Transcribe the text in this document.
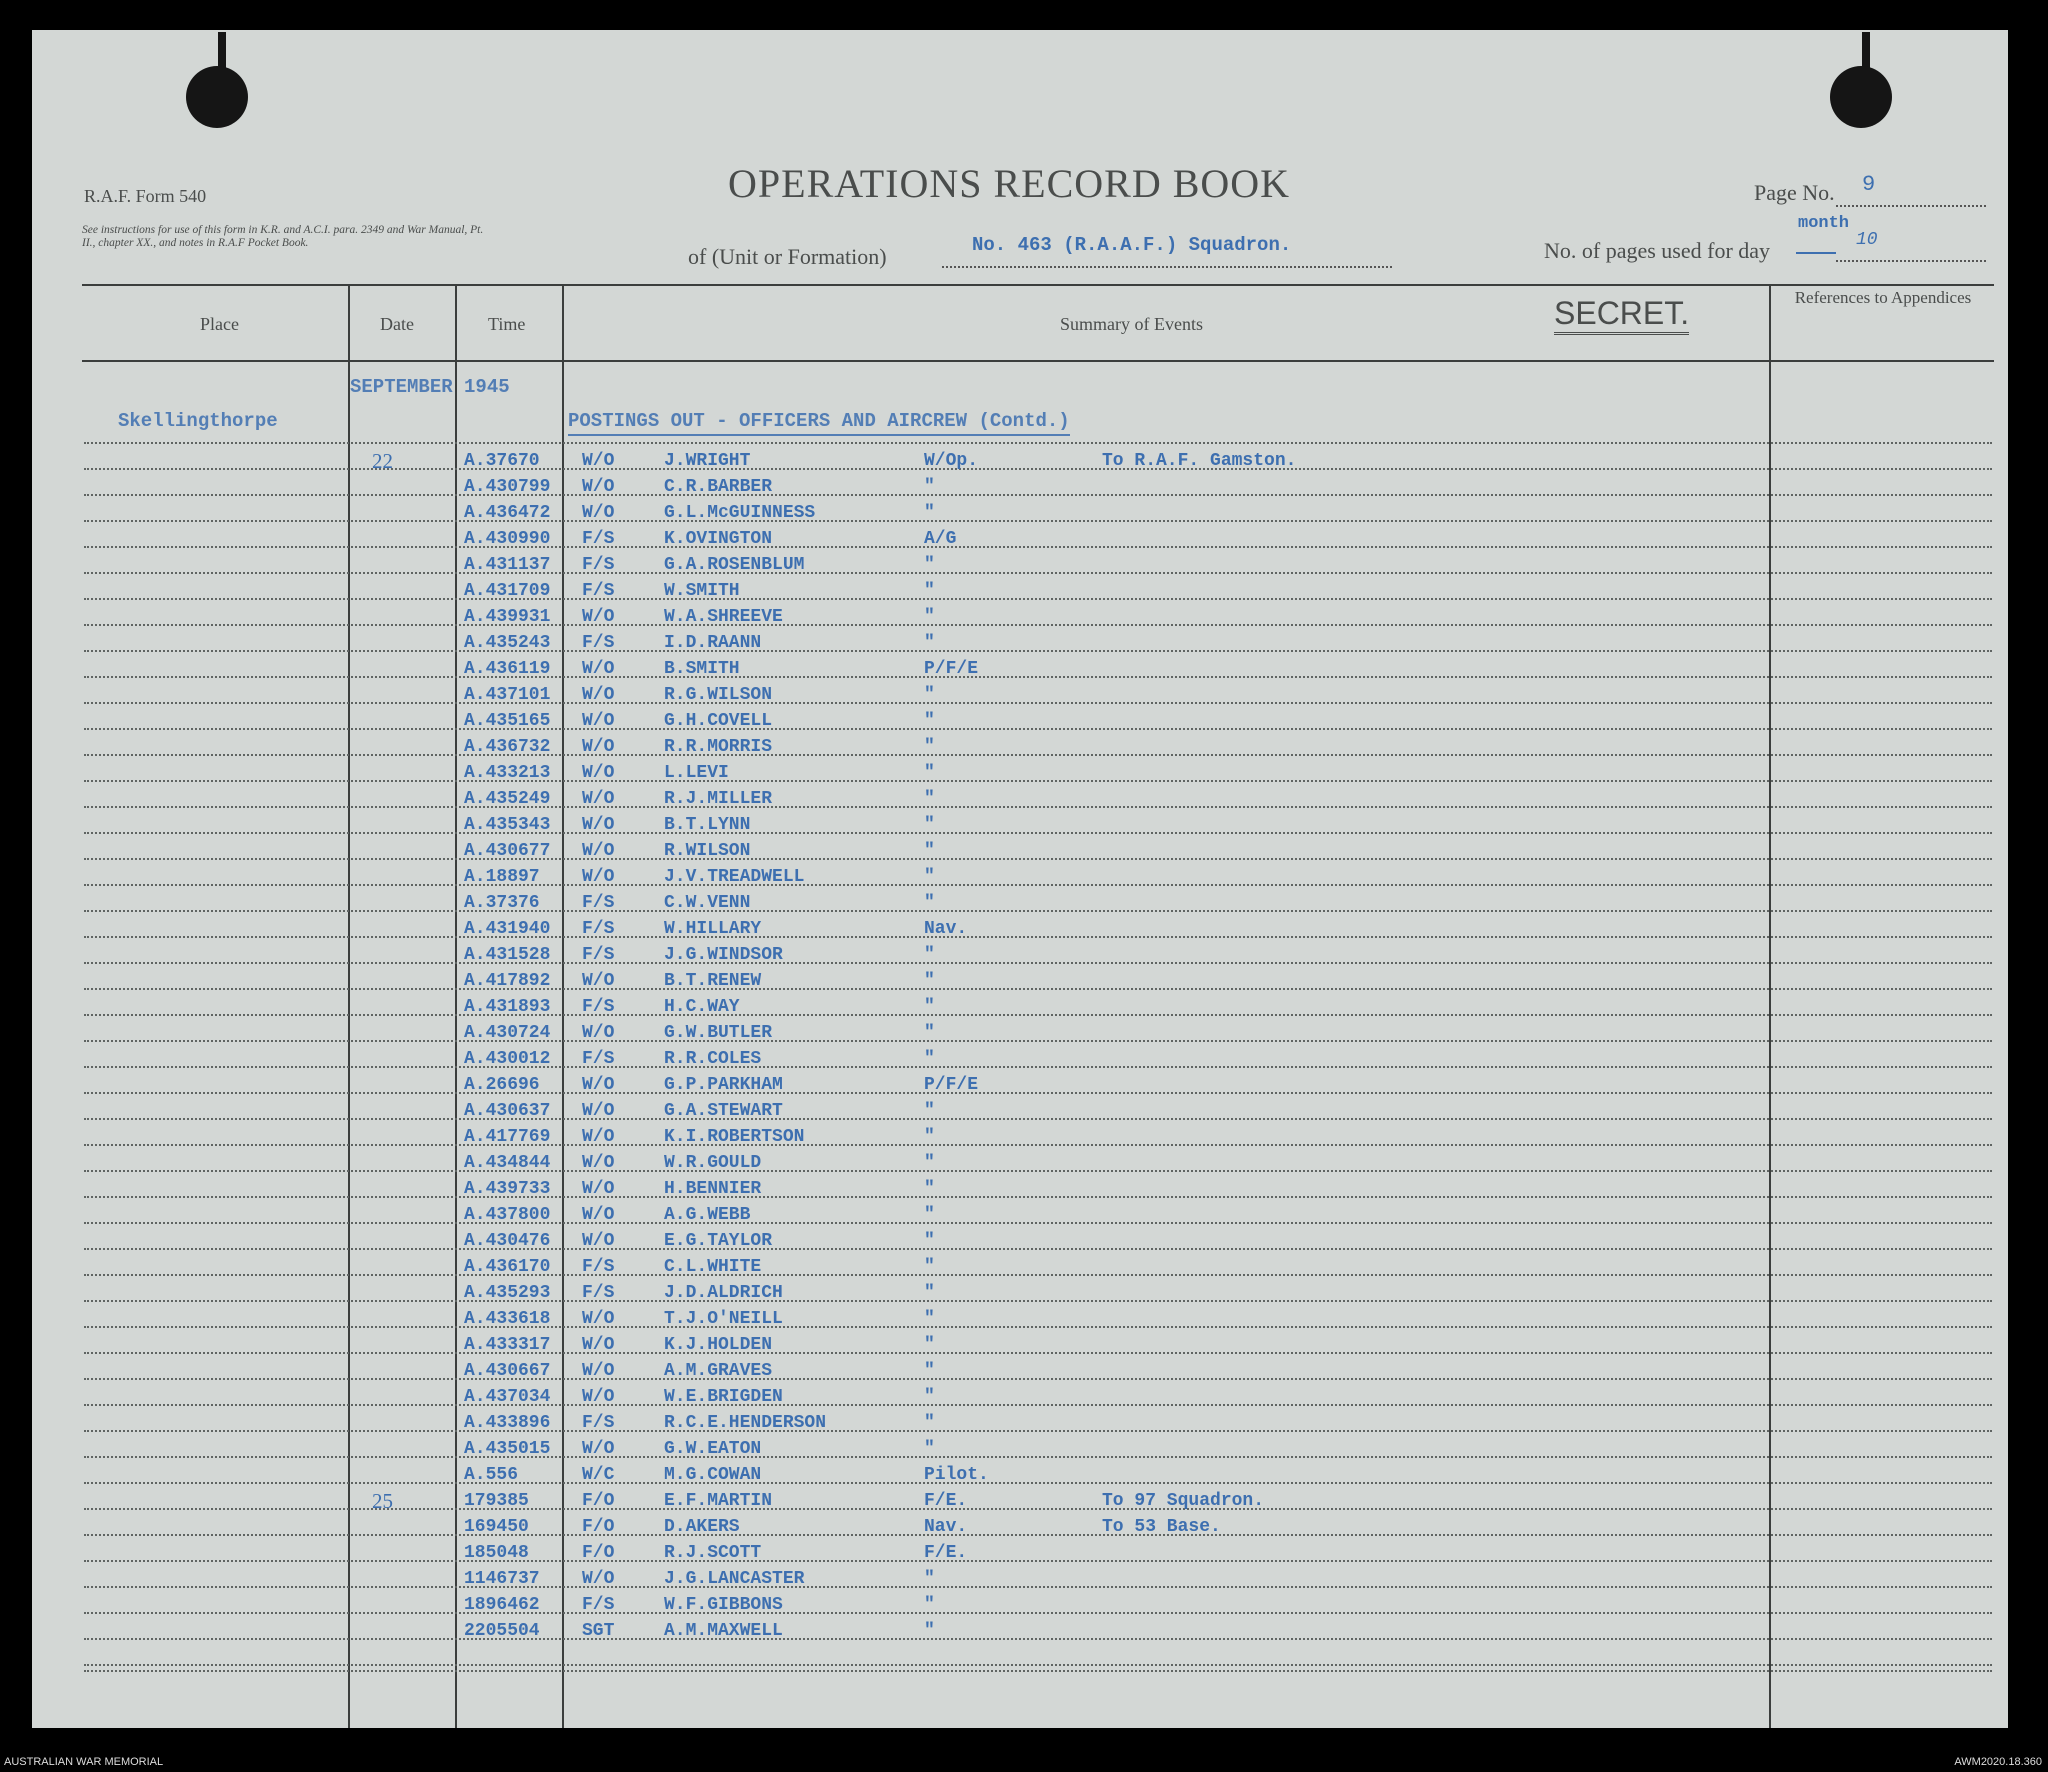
R.A.F. Form 540
See instructions for use of this form in K.R. and A.C.I. para. 2349 and War Manual, Pt. II., chapter XX., and notes in R.A.F Pocket Book.
OPERATIONS RECORD BOOK	Page No. 9
of (Unit or Formation)	No. 463 (R.A.A.F.) Squadron.	No. of pages used for day
month
10
Place	Date	Time	Summary of Events	SECRET.	References to Appendices
SEPTEMBER 1945
Skellingthorpe	POSTINGS OUT - OFFICERS AND AIRCREW (Contd.)
22	A.37670 W/O	J.WRIGHT	W/Op.	To R.A.F. Gamston.
A.430799 W/O	C.R.BARBER	"
A.436472 W/O	G.L.McGUINNESS	"
A.430990 F/S	K.OVINGTON	A/G
A.431137 F/S	G.A.ROSENBLUM	"
A.431709 F/S	W.SMITH	"
A.439931 W/O	W.A.SHREEVE	"
A.435243 F/S	I.D.RAANN	"
A.436119 W/O	B.SMITH	P/F/E
A.437101 W/O	R.G.WILSON	"
A.435165 W/O	G.H.COVELL	"
A.436732 W/O	R.R.MORRIS	"
A.433213 W/O	L.LEVI	"
A.435249 W/O	R.J.MILLER	"
A.435343 W/O	B.T.LYNN	"
A.430677 W/O	R.WILSON	"
A.18897 W/O	J.V.TREADWELL	"
A.37376 F/S	C.W.VENN	"
A.431940 F/S	W.HILLARY	Nav.
A.431528 F/S	J.G.WINDSOR	"
A.417892 W/O	B.T.RENEW	"
A.431893 F/S	H.C.WAY	"
A.430724 W/O	G.W.BUTLER	"
A.430012 F/S	R.R.COLES	"
A.26696 W/O	G.P.PARKHAM	P/F/E
A.430637 W/O	G.A.STEWART	"
A.417769 W/O	K.I.ROBERTSON	"
A.434844 W/O	W.R.GOULD	"
A.439733 W/O	H.BENNIER	"
A.437800 W/O	A.G.WEBB	"
A.430476 W/O	E.G.TAYLOR	"
A.436170 F/S	C.L.WHITE	"
A.435293 F/S	J.D.ALDRICH	"
A.433618 W/O	T.J.O'NEILL	"
A.433317 W/O	K.J.HOLDEN	"
A.430667 W/O	A.M.GRAVES	"
A.437034 W/O	W.E.BRIGDEN	"
A.433896 F/S	R.C.E.HENDERSON	"
A.435015 W/O	G.W.EATON	"
A.556	W/C	M.G.COWAN	Pilot.
25	179385	F/O	E.F.MARTIN	F/E.	To 97 Squadron.
169450	F/O	D.AKERS	Nav.	To 53 Base.
185048	F/O	R.J.SCOTT	F/E.
1146737 W/O	J.G.LANCASTER	"
1896462 F/S	W.F.GIBBONS	"
2205504 SGT	A.M.MAXWELL	"
AUSTRALIAN WAR MEMORIAL	AWM2020.18.360
